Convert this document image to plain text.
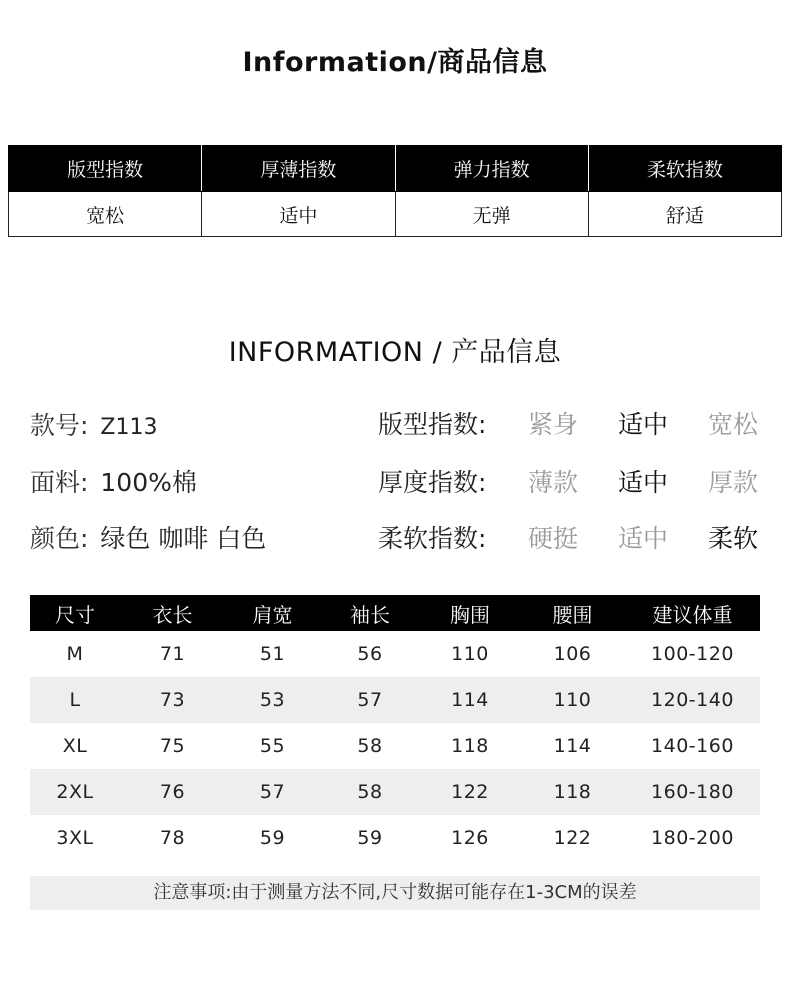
Information/商品信息
版型指数	厚薄指数	弹力指数	柔软指数
宽松	适中	无弹	舒适
INFORMATION / 产品信息
款号: Z113
面料: 100%棉
颜色: 绿色 咖啡 白色
版型指数: 紧身 适中 宽松
厚度指数: 薄款 适中 厚款
柔软指数: 硬挺 适中 柔软
尺寸	衣长	肩宽	袖长	胸围	腰围	建议体重
M	71	51	56	110	106	100-120
L	73	53	57	114	110	120-140
XL	75	55	58	118	114	140-160
2XL	76	57	58	122	118	160-180
3XL	78	59	59	126	122	180-200
注意事项:由于测量方法不同,尺寸数据可能存在1-3CM的误差
